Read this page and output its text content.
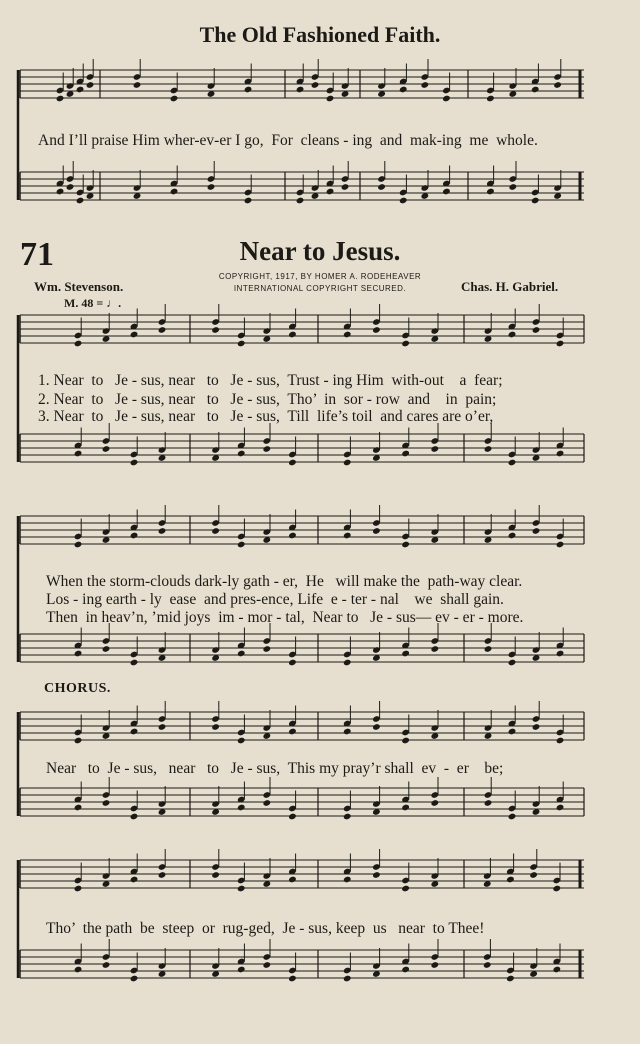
The Old Fashioned Faith.
And I’ll praise Him wher-ev-er I go,  For  cleans - ing  and  mak-ing  me  whole.
71	Near to Jesus.
Wm. Stevenson.	Chas. H. Gabriel.
COPYRIGHT, 1917, BY HOMER A. RODEHEAVER
INTERNATIONAL COPYRIGHT SECURED.
M. 48 = ♩.
1. Near  to   Je - sus, near   to   Je - sus,  Trust - ing Him  with-out    a  fear;
2. Near  to   Je - sus, near   to   Je - sus,  Tho’  in  sor - row  and    in  pain;
3. Near  to   Je - sus, near   to   Je - sus,  Till  life’s toil  and cares are o’er,
When the storm-clouds dark-ly gath - er,  He   will make the  path-way clear.
Los - ing earth - ly  ease  and pres-ence, Life  e - ter - nal    we  shall gain.
Then  in heav’n, ’mid joys  im - mor - tal,  Near to   Je - sus— ev - er - more.
CHORUS.
Near   to  Je - sus,   near   to   Je - sus,  This my pray’r shall  ev  -  er    be;
Tho’  the path  be  steep  or  rug-ged,  Je - sus, keep  us   near  to Thee!
